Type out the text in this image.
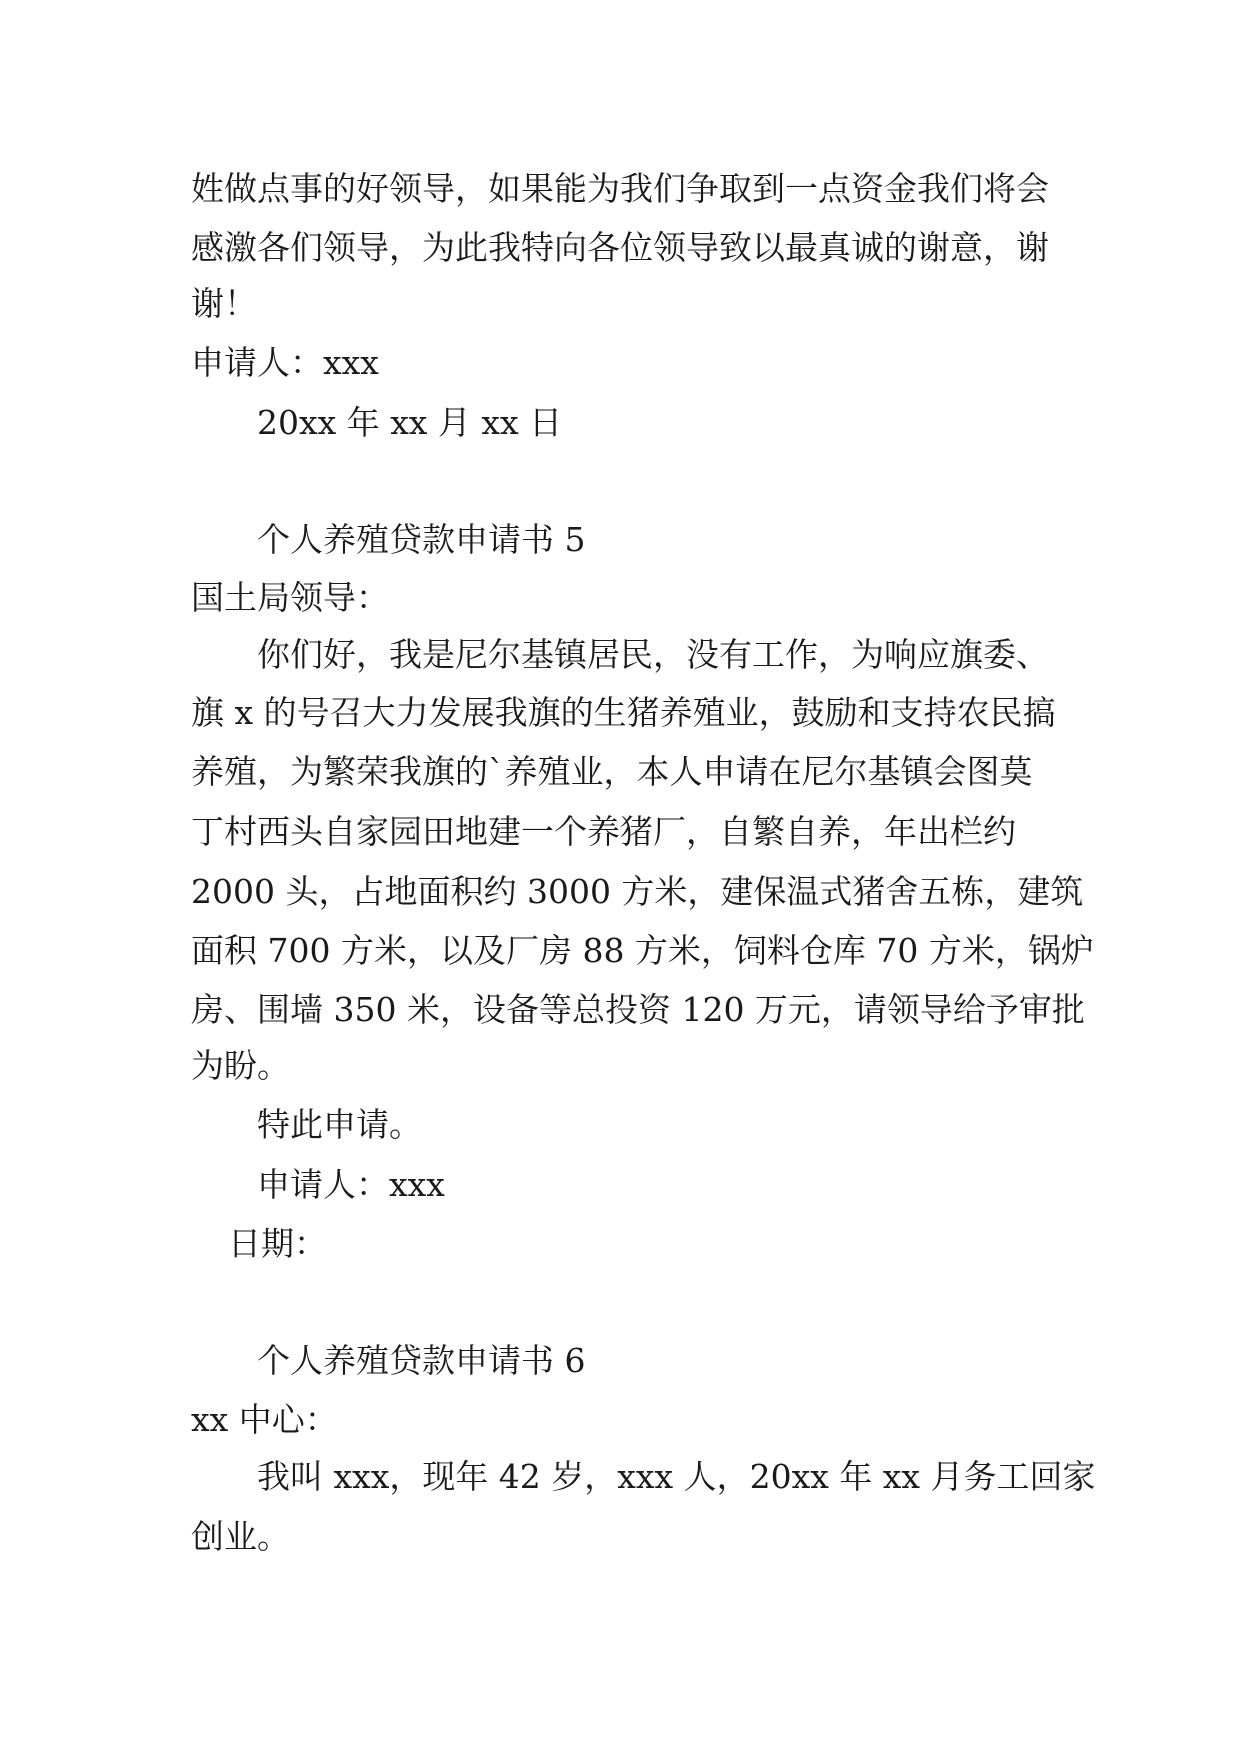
姓做点事的好领导，如果能为我们争取到一点资金我们将会
感激各们领导，为此我特向各位领导致以最真诚的谢意，谢
谢！
申请人：xxx
20xx 年 xx 月 xx 日
个人养殖贷款申请书 5
国土局领导：
你们好，我是尼尔基镇居民，没有工作，为响应旗委、
旗 x 的号召大力发展我旗的生猪养殖业，鼓励和支持农民搞
养殖，为繁荣我旗的`养殖业，本人申请在尼尔基镇会图莫
丁村西头自家园田地建一个养猪厂，自繁自养，年出栏约
2000 头，占地面积约 3000 方米，建保温式猪舍五栋，建筑
面积 700 方米，以及厂房 88 方米，饲料仓库 70 方米，锅炉
房、围墙 350 米，设备等总投资 120 万元，请领导给予审批
为盼。
特此申请。
申请人：xxx
日期：
个人养殖贷款申请书 6
xx 中心：
我叫 xxx，现年 42 岁，xxx 人，20xx 年 xx 月务工回家
创业。
